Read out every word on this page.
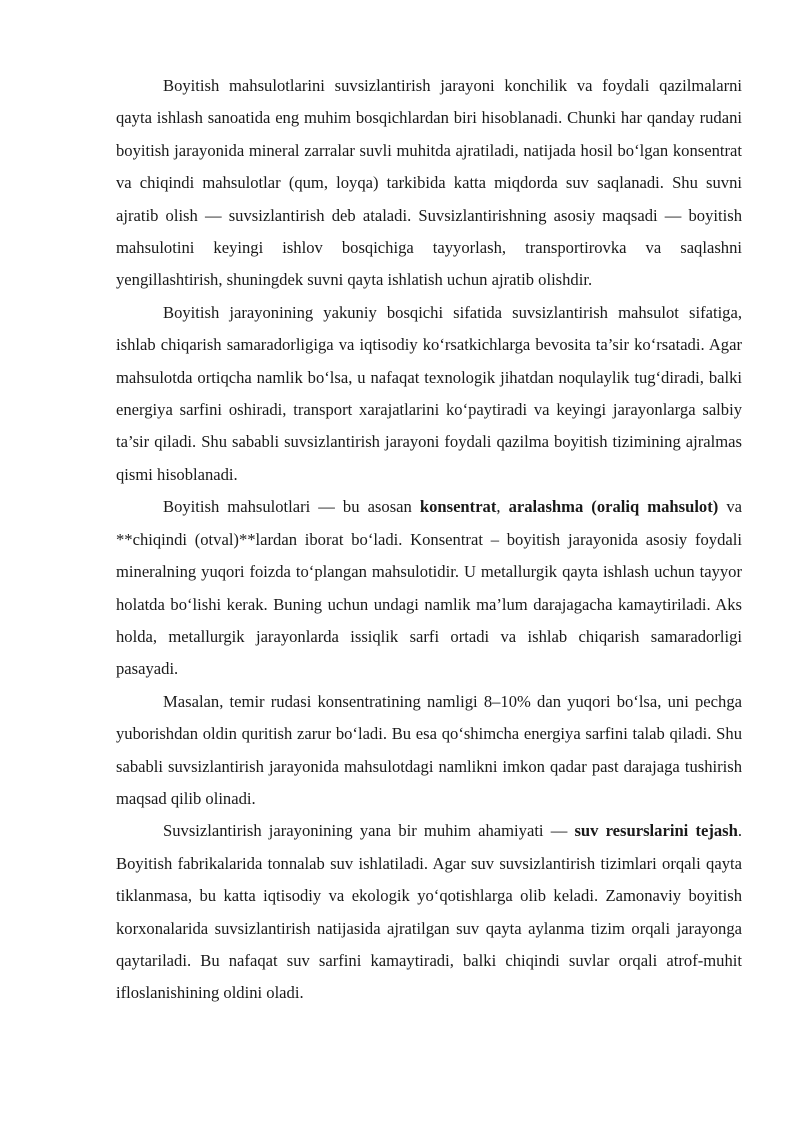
Boyitish mahsulotlarini suvsizlantirish jarayoni konchilik va foydali qazilmalarni qayta ishlash sanoatida eng muhim bosqichlardan biri hisoblanadi. Chunki har qanday rudani boyitish jarayonida mineral zarralar suvli muhitda ajratiladi, natijada hosil bo‘lgan konsentrat va chiqindi mahsulotlar (qum, loyqa) tarkibida katta miqdorda suv saqlanadi. Shu suvni ajratib olish — suvsizlantirish deb ataladi. Suvsizlantirishning asosiy maqsadi — boyitish mahsulotini keyingi ishlov bosqichiga tayyorlash, transportirovka va saqlashni yengillashtirish, shuningdek suvni qayta ishlatish uchun ajratib olishdir.

Boyitish jarayonining yakuniy bosqichi sifatida suvsizlantirish mahsulot sifatiga, ishlab chiqarish samaradorligiga va iqtisodiy ko‘rsatkichlarga bevosita ta’sir ko‘rsatadi. Agar mahsulotda ortiqcha namlik bo‘lsa, u nafaqat texnologik jihatdan noqulaylik tug‘diradi, balki energiya sarfini oshiradi, transport xarajatlarini ko‘paytiradi va keyingi jarayonlarga salbiy ta’sir qiladi. Shu sababli suvsizlantirish jarayoni foydali qazilma boyitish tizimining ajralmas qismi hisoblanadi.

Boyitish mahsulotlari — bu asosan konsentrat, aralashma (oraliq mahsulot) va **chiqindi (otval)**lardan iborat bo‘ladi. Konsentrat – boyitish jarayonida asosiy foydali mineralning yuqori foizda to‘plangan mahsulotidir. U metallurgik qayta ishlash uchun tayyor holatda bo‘lishi kerak. Buning uchun undagi namlik ma’lum darajagacha kamaytiriladi. Aks holda, metallurgik jarayonlarda issiqlik sarfi ortadi va ishlab chiqarish samaradorligi pasayadi.

Masalan, temir rudasi konsentratining namligi 8–10% dan yuqori bo‘lsa, uni pechga yuborishdan oldin quritish zarur bo‘ladi. Bu esa qo‘shimcha energiya sarfini talab qiladi. Shu sababli suvsizlantirish jarayonida mahsulotdagi namlikni imkon qadar past darajaga tushirish maqsad qilib olinadi.

Suvsizlantirish jarayonining yana bir muhim ahamiyati — suv resurslarini tejash. Boyitish fabrikalarida tonnalab suv ishlatiladi. Agar suv suvsizlantirish tizimlari orqali qayta tiklanmasa, bu katta iqtisodiy va ekologik yo‘qotishlarga olib keladi. Zamonaviy boyitish korxonalarida suvsizlantirish natijasida ajratilgan suv qayta aylanma tizim orqali jarayonga qaytariladi. Bu nafaqat suv sarfini kamaytiradi, balki chiqindi suvlar orqali atrof-muhit ifloslanishining oldini oladi.
